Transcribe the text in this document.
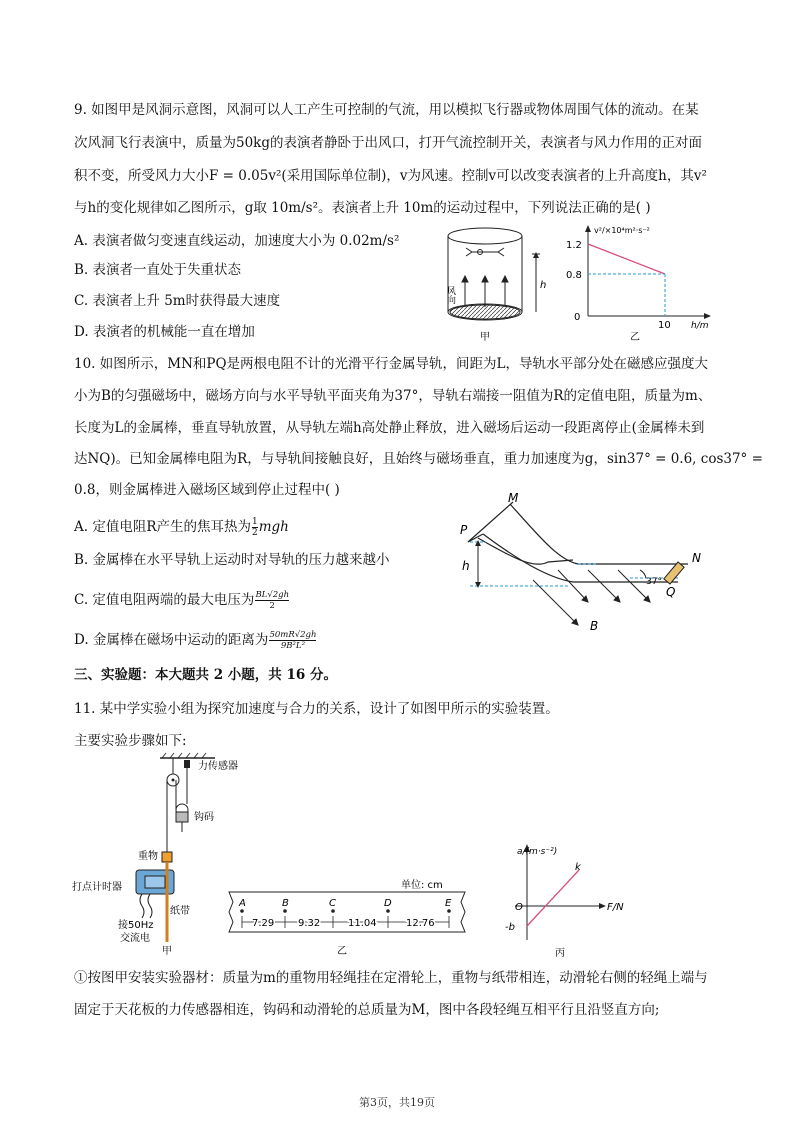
9. 如图甲是风洞示意图，风洞可以人工产生可控制的气流，用以模拟飞行器或物体周围气体的流动。在某
次风洞飞行表演中，质量为50kg的表演者静卧于出风口，打开气流控制开关，表演者与风力作用的正对面
积不变，所受风力大小F = 0.05v²(采用国际单位制)，v为风速。控制v可以改变表演者的上升高度h，其v²
与h的变化规律如乙图所示，g取 10m/s²。表演者上升 10m的运动过程中，下列说法正确的是( )
A. 表演者做匀变速直线运动，加速度大小为 0.02m/s²
B. 表演者一直处于失重状态
C. 表演者上升 5m时获得最大速度
D. 表演者的机械能一直在增加
h
风向
甲
v²/×10⁴m²·s⁻²
1.2
0.8
0
10 h/m
乙
10. 如图所示，MN和PQ是两根电阻不计的光滑平行金属导轨，间距为L，导轨水平部分处在磁感应强度大
小为B的匀强磁场中，磁场方向与水平导轨平面夹角为37°，导轨右端接一阻值为R的定值电阻，质量为m、
长度为L的金属棒，垂直导轨放置，从导轨左端h高处静止释放，进入磁场后运动一段距离停止(金属棒未到
达NQ)。已知金属棒电阻为R，与导轨间接触良好，且始终与磁场垂直，重力加速度为g，sin37° = 0.6, cos37° =
0.8，则金属棒进入磁场区域到停止过程中( )
A. 定值电阻R产生的焦耳热为 $\frac{1}{2}$ mgh
B. 金属棒在水平导轨上运动时对导轨的压力越来越小
C. 定值电阻两端的最大电压为 $\frac{BL√2gh}{2}$
D. 金属棒在磁场中运动的距离为 $\frac{50mR√2gh}{\text{9B²L²}}$
M
P
N
Q
h
B
37°
三、实验题：本大题共 2 小题，共 16 分。
11. 某中学实验小组为探究加速度与合力的关系，设计了如图甲所示的实验装置。
主要实验步骤如下:
力传感器
钩码
重物
打点计时器
纸带
接50Hz
交流电
甲
单位: cm
A	B	C	D	E
7.29 9.32	11.04	12.76
乙
a/(m·s⁻²)
F/N
k
O
-b
丙
①按图甲安装实验器材：质量为m的重物用轻绳挂在定滑轮上，重物与纸带相连，动滑轮右侧的轻绳上端与
固定于天花板的力传感器相连，钩码和动滑轮的总质量为M，图中各段轻绳互相平行且沿竖直方向;
第3页，共19页
